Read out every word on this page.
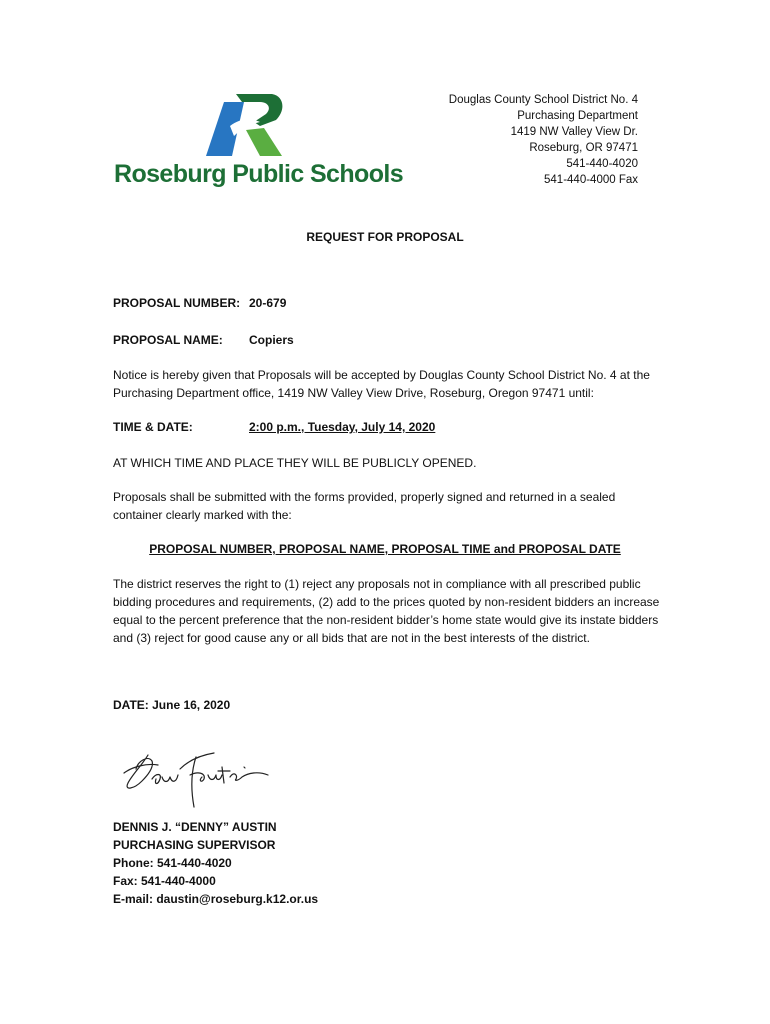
Roseburg Public Schools
Douglas County School District No. 4
Purchasing Department
1419 NW Valley View Dr.
Roseburg, OR 97471
541-440-4020
541-440-4000 Fax
REQUEST FOR PROPOSAL
PROPOSAL NUMBER: 20-679
PROPOSAL NAME: Copiers
Notice is hereby given that Proposals will be accepted by Douglas County School District No. 4 at the Purchasing Department office, 1419 NW Valley View Drive, Roseburg, Oregon 97471 until:
TIME & DATE:	2:00 p.m., Tuesday, July 14, 2020
AT WHICH TIME AND PLACE THEY WILL BE PUBLICLY OPENED.
Proposals shall be submitted with the forms provided, properly signed and returned in a sealed container clearly marked with the:
PROPOSAL NUMBER, PROPOSAL NAME, PROPOSAL TIME and PROPOSAL DATE
The district reserves the right to (1) reject any proposals not in compliance with all prescribed public bidding procedures and requirements, (2) add to the prices quoted by non-resident bidders an increase equal to the percent preference that the non-resident bidder’s home state would give its instate bidders and (3) reject for good cause any or all bids that are not in the best interests of the district.
DATE: June 16, 2020
DENNIS J. “DENNY” AUSTIN
PURCHASING SUPERVISOR
Phone: 541-440-4020
Fax: 541-440-4000
E-mail: daustin@roseburg.k12.or.us
